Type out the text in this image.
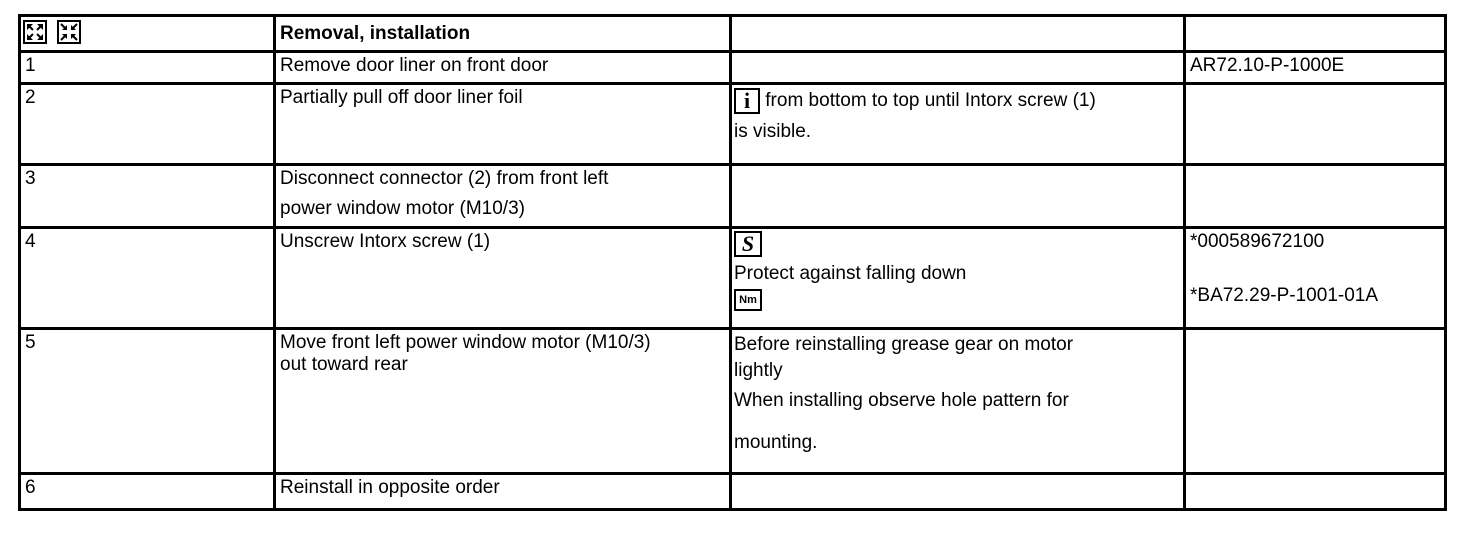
Removal, installation		

1	Remove door liner on front door		AR72.10-P-1000E

2	Partially pull off door liner foil	i from bottom to top until Intorx screw (1)
is visible.	

3	Disconnect connector (2) from front left
power window motor (M10/3)		

4	Unscrew Intorx screw (1)	S
Protect against falling down
Nm	*000589672100
*BA72.29-P-1001-01A

5	Move front left power window motor (M10/3)
out toward rear	Before reinstalling grease gear on motor
lightly
When installing observe hole pattern for
mounting.	

6	Reinstall in opposite order		
